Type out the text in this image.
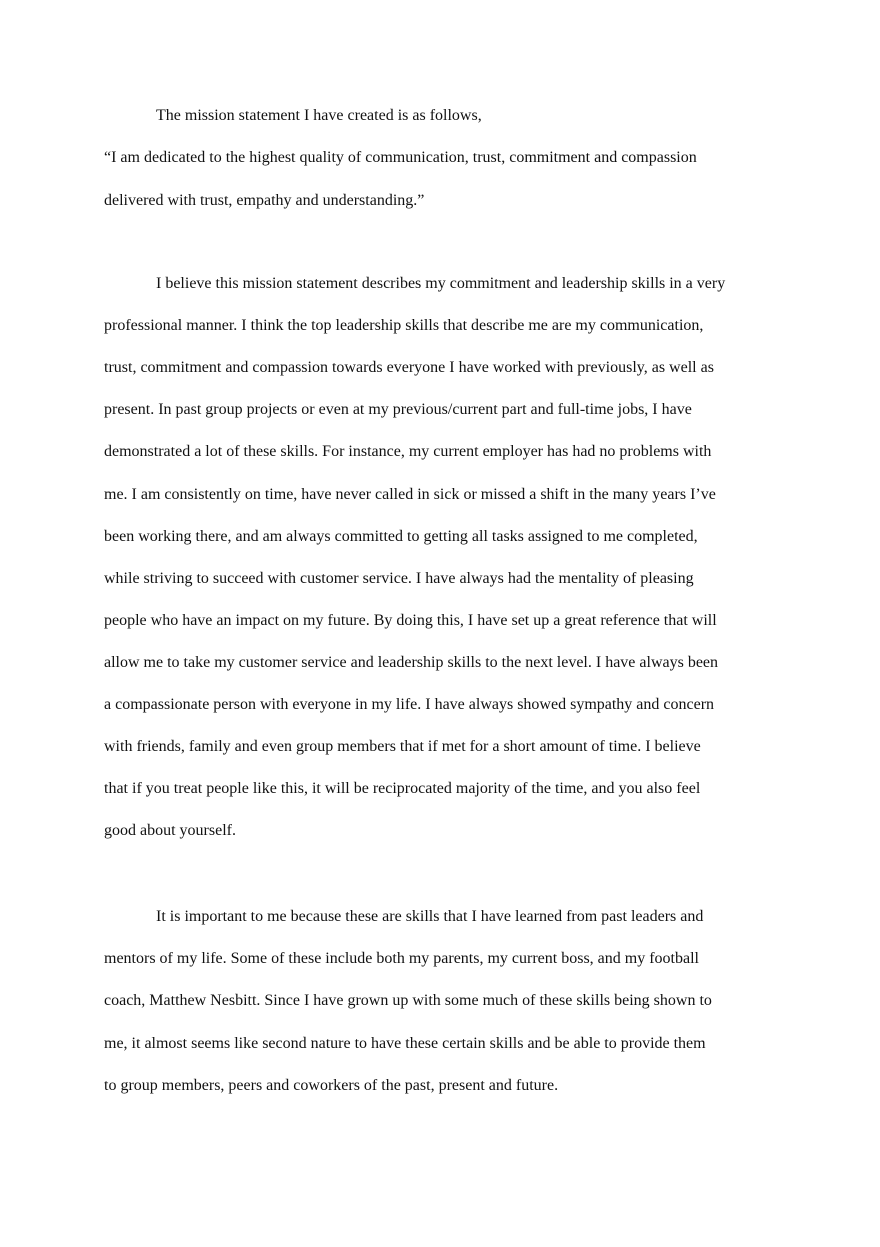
The mission statement I have created is as follows,

“I am dedicated to the highest quality of communication, trust, commitment and compassion

delivered with trust, empathy and understanding.”

I believe this mission statement describes my commitment and leadership skills in a very

professional manner. I think the top leadership skills that describe me are my communication,

trust, commitment and compassion towards everyone I have worked with previously, as well as

present. In past group projects or even at my previous/current part and full-time jobs, I have

demonstrated a lot of these skills. For instance, my current employer has had no problems with

me. I am consistently on time, have never called in sick or missed a shift in the many years I’ve

been working there, and am always committed to getting all tasks assigned to me completed,

while striving to succeed with customer service. I have always had the mentality of pleasing

people who have an impact on my future. By doing this, I have set up a great reference that will

allow me to take my customer service and leadership skills to the next level. I have always been

a compassionate person with everyone in my life. I have always showed sympathy and concern

with friends, family and even group members that if met for a short amount of time. I believe

that if you treat people like this, it will be reciprocated majority of the time, and you also feel

good about yourself.

It is important to me because these are skills that I have learned from past leaders and

mentors of my life. Some of these include both my parents, my current boss, and my football

coach, Matthew Nesbitt. Since I have grown up with some much of these skills being shown to

me, it almost seems like second nature to have these certain skills and be able to provide them

to group members, peers and coworkers of the past, present and future.
